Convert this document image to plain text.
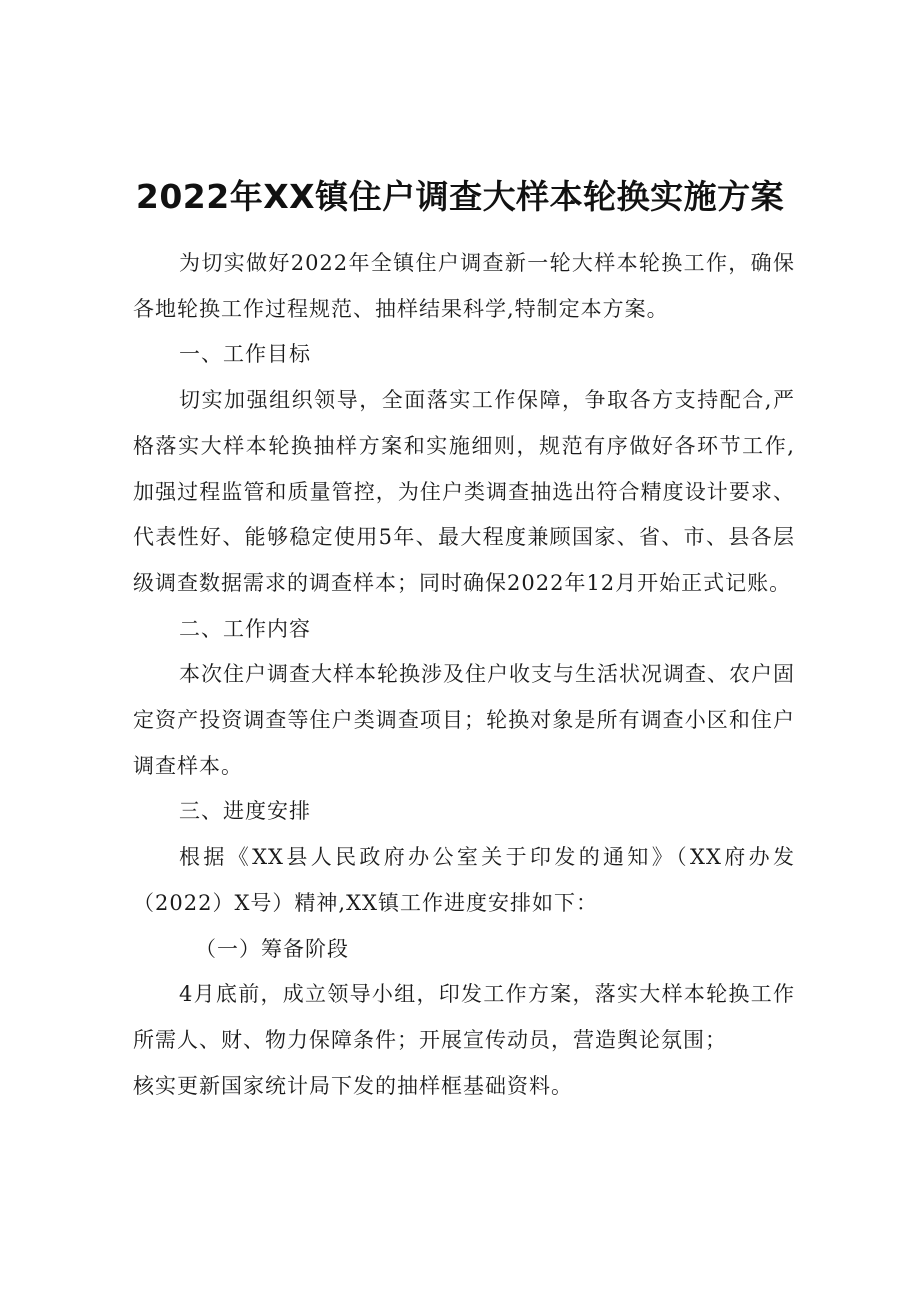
2022年XX镇住户调查大样本轮换实施方案

为切实做好2022年全镇住户调查新一轮大样本轮换工作，确保各地轮换工作过程规范、抽样结果科学,特制定本方案。

一、工作目标

切实加强组织领导，全面落实工作保障，争取各方支持配合,严格落实大样本轮换抽样方案和实施细则，规范有序做好各环节工作,加强过程监管和质量管控，为住户类调查抽选出符合精度设计要求、代表性好、能够稳定使用5年、最大程度兼顾国家、省、市、县各层级调查数据需求的调查样本；同时确保2022年12月开始正式记账。

二、工作内容

本次住户调查大样本轮换涉及住户收支与生活状况调查、农户固定资产投资调查等住户类调查项目；轮换对象是所有调查小区和住户调查样本。

三、进度安排

根据《XX县人民政府办公室关于印发的通知》（XX府办发（2022）X号）精神,XX镇工作进度安排如下：

（一）筹备阶段

4月底前，成立领导小组，印发工作方案，落实大样本轮换工作所需人、财、物力保障条件；开展宣传动员，营造舆论氛围；
核实更新国家统计局下发的抽样框基础资料。
